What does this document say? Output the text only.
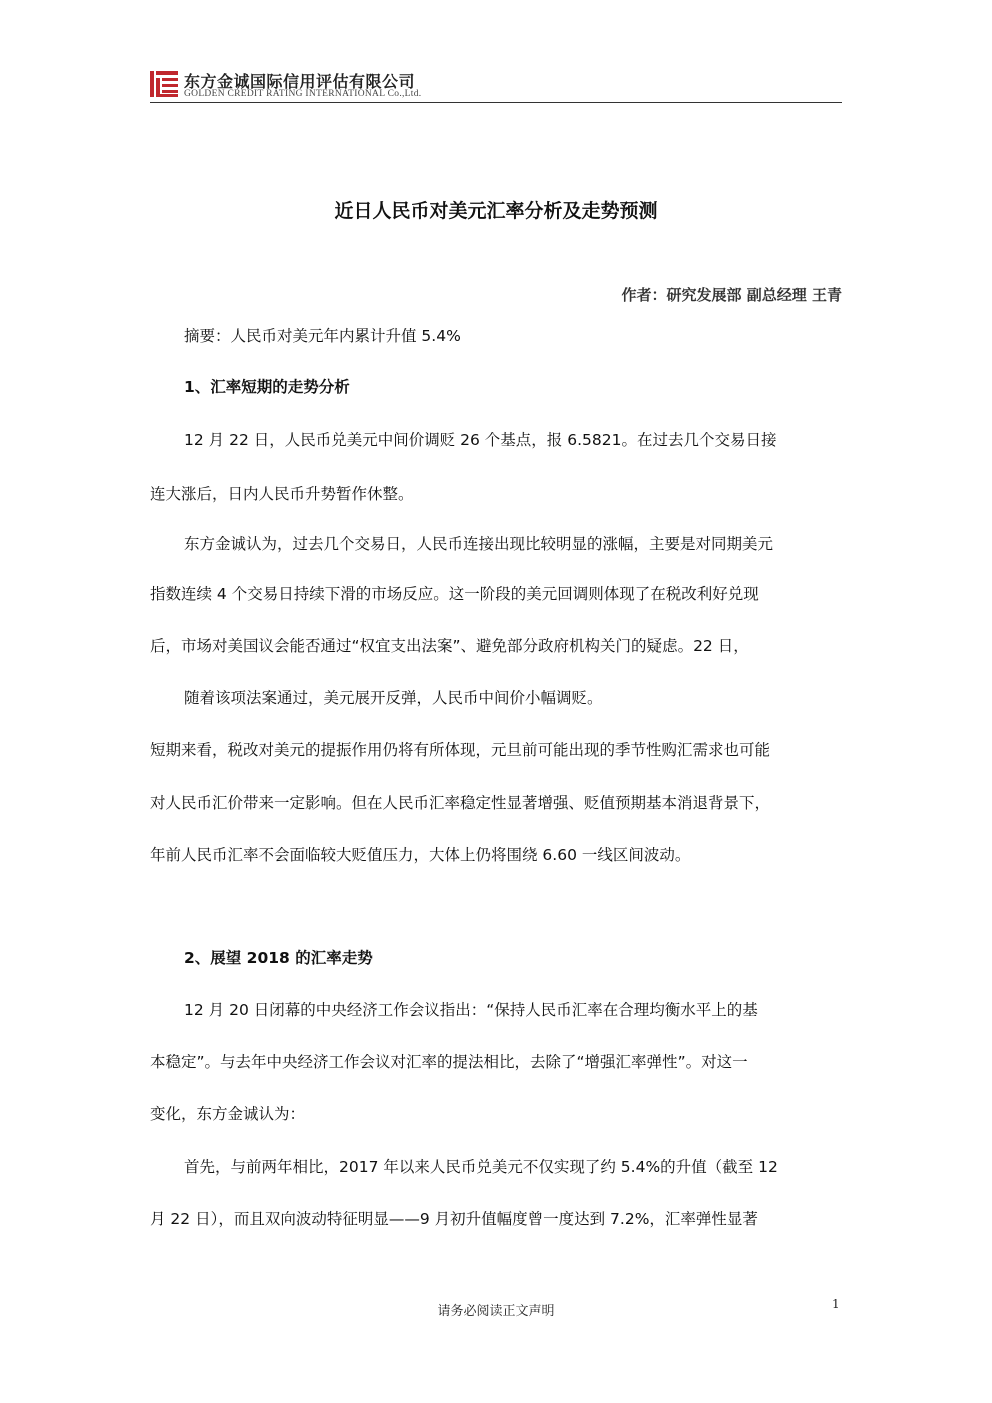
东方金诚国际信用评估有限公司
GOLDEN CREDIT RATING INTERNATIONAL Co.,Ltd.
近日人民币对美元汇率分析及走势预测
作者：研究发展部 副总经理 王青
摘要：人民币对美元年内累计升值 5.4%
1、汇率短期的走势分析
12 月 22 日，人民币兑美元中间价调贬 26 个基点，报 6.5821。在过去几个交易日接
连大涨后，日内人民币升势暂作休整。
东方金诚认为，过去几个交易日，人民币连接出现比较明显的涨幅，主要是对同期美元
指数连续 4 个交易日持续下滑的市场反应。这一阶段的美元回调则体现了在税改利好兑现
后，市场对美国议会能否通过“权宜支出法案”、避免部分政府机构关门的疑虑。22 日，
随着该项法案通过，美元展开反弹，人民币中间价小幅调贬。
短期来看，税改对美元的提振作用仍将有所体现，元旦前可能出现的季节性购汇需求也可能
对人民币汇价带来一定影响。但在人民币汇率稳定性显著增强、贬值预期基本消退背景下，
年前人民币汇率不会面临较大贬值压力，大体上仍将围绕 6.60 一线区间波动。
2、展望 2018 的汇率走势
12 月 20 日闭幕的中央经济工作会议指出：“保持人民币汇率在合理均衡水平上的基
本稳定”。与去年中央经济工作会议对汇率的提法相比，去除了“增强汇率弹性”。对这一
变化，东方金诚认为：
首先，与前两年相比，2017 年以来人民币兑美元不仅实现了约 5.4%的升值（截至 12
月 22 日），而且双向波动特征明显——9 月初升值幅度曾一度达到 7.2%，汇率弹性显著
请务必阅读正文声明	1
